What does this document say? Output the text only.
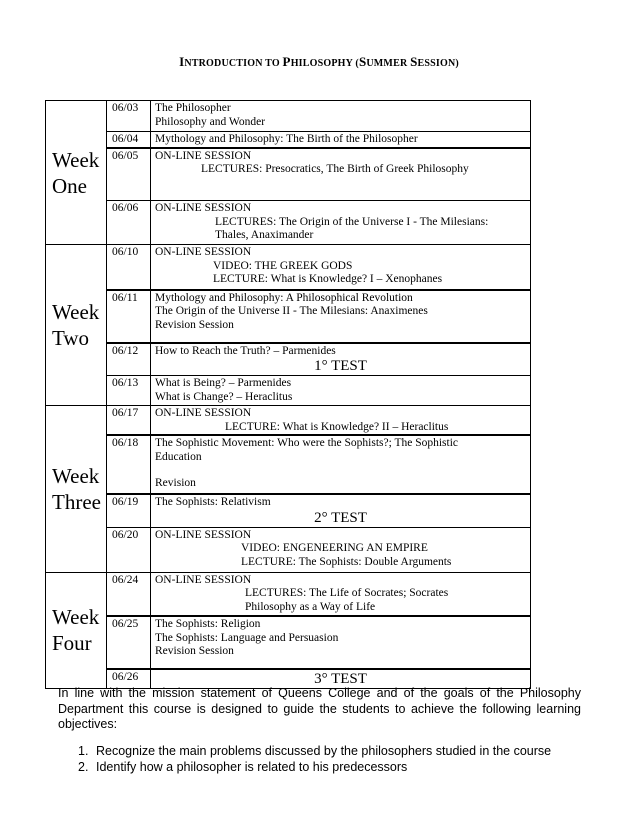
INTRODUCTION TO PHILOSOPHY (SUMMER SESSION)
Week
One	06/03	The Philosopher
Philosophy and Wonder

	06/04	Mythology and Philosophy: The Birth of the Philosopher

	06/05	ON-LINE SESSION
LECTURES: Presocratics, The Birth of Greek Philosophy

	06/06	ON-LINE SESSION
LECTURES: The Origin of the Universe I - The Milesians:
Thales, Anaximander

Week
Two	06/10	ON-LINE SESSION
VIDEO: THE GREEK GODS
LECTURE: What is Knowledge? I – Xenophanes

	06/11	Mythology and Philosophy: A Philosophical Revolution
The Origin of the Universe II - The Milesians: Anaximenes
Revision Session

	06/12	How to Reach the Truth? – Parmenides
1° TEST

	06/13	What is Being? – Parmenides
What is Change? – Heraclitus

Week
Three	06/17	ON-LINE SESSION
LECTURE: What is Knowledge? II – Heraclitus

	06/18	The Sophistic Movement: Who were the Sophists?; The Sophistic
Education
Revision

	06/19	The Sophists: Relativism
2° TEST

	06/20	ON-LINE SESSION
VIDEO: ENGENEERING AN EMPIRE
LECTURE: The Sophists: Double Arguments

Week
Four	06/24	ON-LINE SESSION
LECTURES: The Life of Socrates; Socrates
Philosophy as a Way of Life

	06/25	The Sophists: Religion
The Sophists: Language and Persuasion
Revision Session

	06/26	3° TEST
In line with the mission statement of Queens College and of the goals of the Philosophy Department this course is designed to guide the students to achieve the following learning objectives:
1. Recognize the main problems discussed by the philosophers studied in the course
2. Identify how a philosopher is related to his predecessors
